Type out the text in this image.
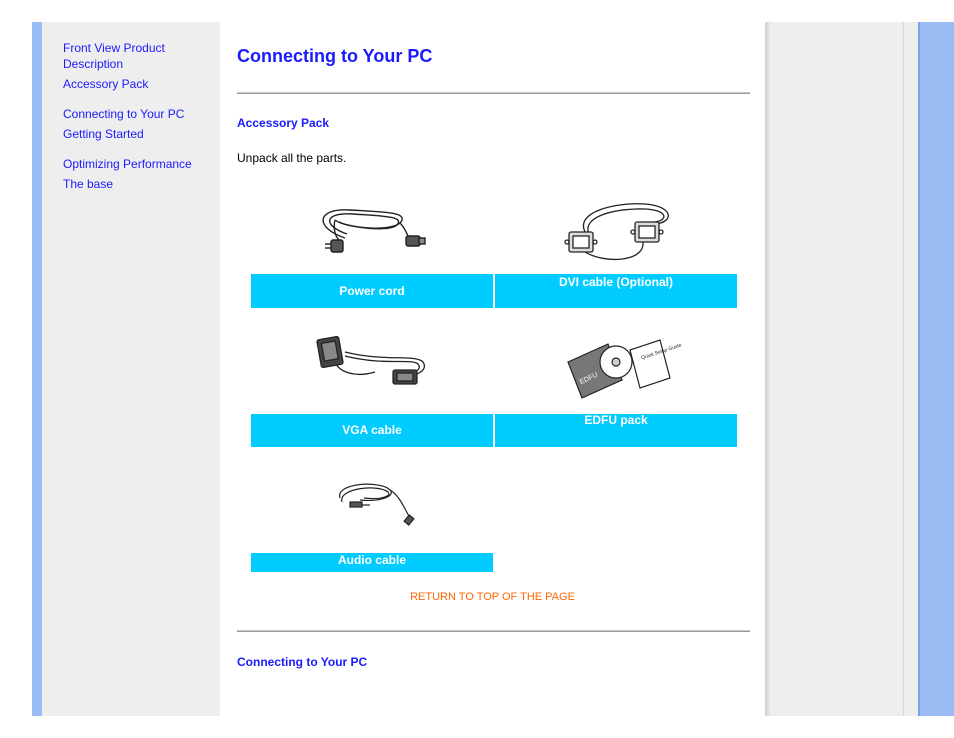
Front View Product Description
Accessory Pack
Connecting to Your PC
Getting Started
Optimizing Performance
The base
Connecting to Your PC
Accessory Pack
Unpack all the parts.
Power cord
DVI cable (Optional)
EDFU
Quick Setup Guide
VGA cable
EDFU pack
Audio cable
RETURN TO TOP OF THE PAGE
Connecting to Your PC
